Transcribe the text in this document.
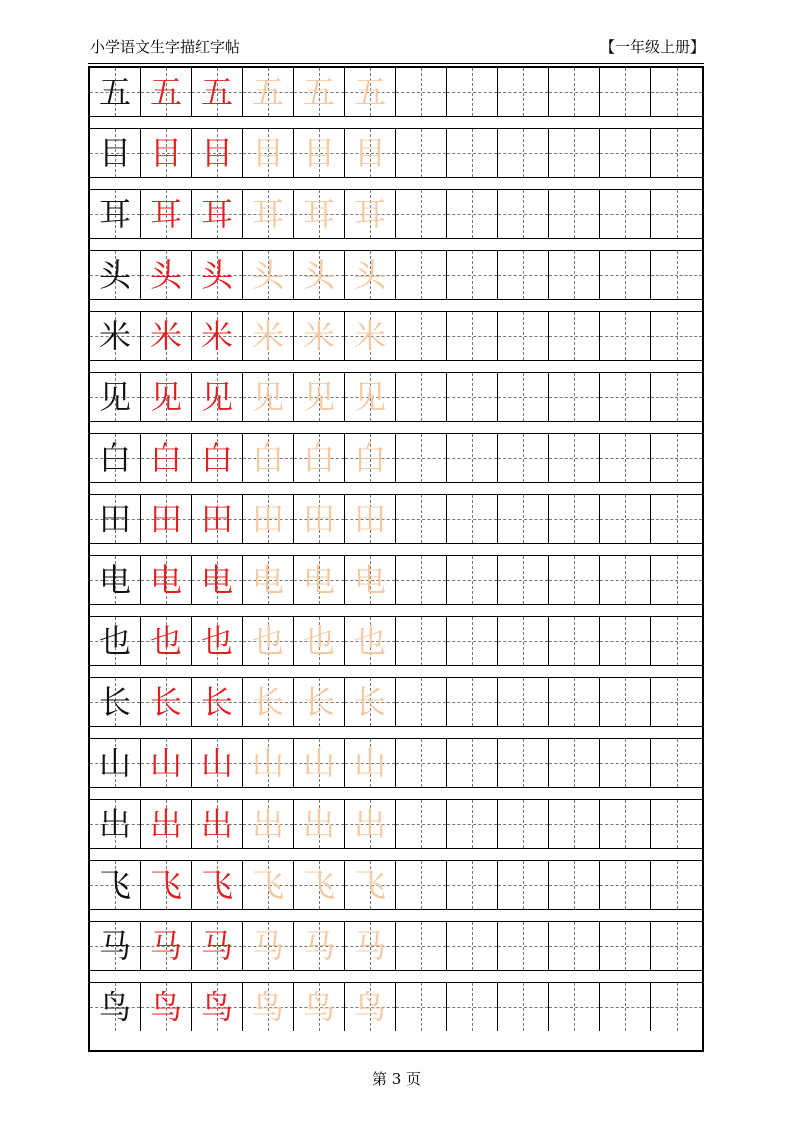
小学语文生字描红字帖	【一年级上册】
五 五 五 五 五 五
目 目 目 目 目 目
耳 耳 耳 耳 耳 耳
头 头 头 头 头 头
米 米 米 米 米 米
见 见 见 见 见 见
白 白 白 白 白 白
田 田 田 田 田 田
电 电 电 电 电 电
也 也 也 也 也 也
长 长 长 长 长 长
山 山 山 山 山 山
出 出 出 出 出 出
飞 飞 飞 飞 飞 飞
马 马 马 马 马 马
鸟 鸟 鸟 鸟 鸟 鸟
第 3 页
